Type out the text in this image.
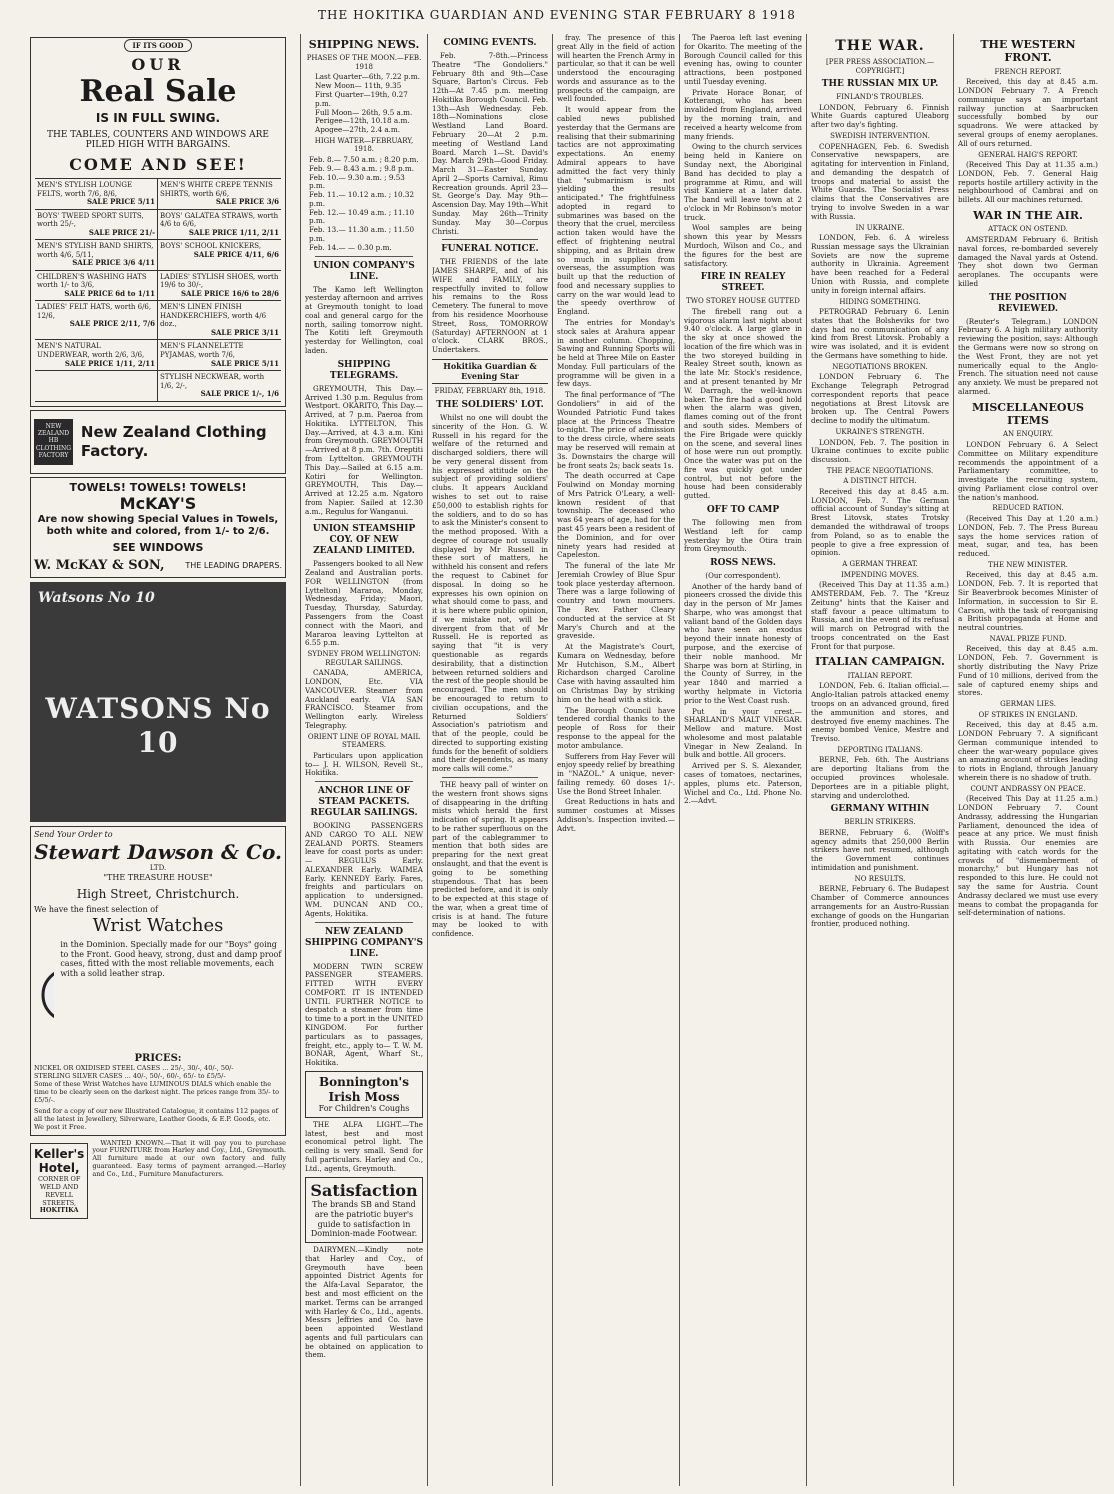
THE HOKITIKA GUARDIAN AND EVENING STAR FEBRUARY 8 1918
IF ITS GOOD
OUR
Real Sale
IS IN FULL SWING.
THE TABLES, COUNTERS AND WINDOWS ARE PILED HIGH WITH BARGAINS.
COME AND SEE!
MEN'S STYLISH LOUNGE FELTS, worth 7/6, 8/6,
SALE PRICE 5/11
MEN'S WHITE CREPE TENNIS SHIRTS, worth 6/6,
SALE PRICE 3/6
BOYS' TWEED SPORT SUITS, worth 25/-,
SALE PRICE 21/-
BOYS' GALATEA STRAWS, worth 4/6 to 6/6,
SALE PRICE 1/11, 2/11
MEN'S STYLISH BAND SHIRTS, worth 4/6, 5/11,
SALE PRICE 3/6 4/11
BOYS' SCHOOL KNICKERS,
SALE PRICE 4/11, 6/6
CHILDREN'S WASHING HATS worth 1/- to 3/6,
SALE PRICE 6d to 1/11
LADIES' STYLISH SHOES, worth 19/6 to 30/-,
SALE PRICE 16/6 to 28/6
LADIES' FELT HATS, worth 6/6, 12/6,
SALE PRICE 2/11, 7/6
MEN'S LINEN FINISH HANDKERCHIEFS, worth 4/6 doz.,
SALE PRICE 3/11
MEN'S NATURAL UNDERWEAR, worth 2/6, 3/6,
SALE PRICE 1/11, 2/11
MEN'S FLANNELETTE PYJAMAS, worth 7/6,
SALE PRICE 5/11
STYLISH NECKWEAR, worth 1/6, 2/-,
SALE PRICE 1/-, 1/6
NEW ZEALAND HB CLOTHING FACTORY
New Zealand Clothing Factory.
TOWELS! TOWELS! TOWELS!
McKAY'S
Are now showing Special Values in Towels, both white and colored, from 1/- to 2/6.
SEE WINDOWS
W. McKAY & SON,	THE LEADING DRAPERS.
Watsons No 10
WATSONS No 10
Send Your Order to
Stewart Dawson & Co.
LTD.
"THE TREASURE HOUSE"
High Street, Christchurch.
We have the finest selection of
Wrist Watches
in the Dominion. Specially made for our "Boys" going to the Front. Good heavy, strong, dust and damp proof cases, fitted with the most reliable movements, each with a solid leather strap.
PRICES:
NICKEL OR OXIDISED STEEL CASES ... 25/-, 30/-, 40/-, 50/-
STERLING SILVER CASES ... 40/-, 50/-, 60/-, 65/- to £5/5/-
Some of these Wrist Watches have LUMINOUS DIALS which enable the time to be clearly seen on the darkest night. The prices range from 35/- to £5/5/-.
Send for a copy of our new Illustrated Catalogue, it contains 112 pages of all the latest in Jewellery, Silverware, Leather Goods, & E.P. Goods, etc. We post it Free.
Keller's Hotel,
CORNER OF WELD AND REVELL STREETS,
HOKITIKA
WANTED KNOWN.—That it will pay you to purchase your FURNITURE from Harley and Coy., Ltd., Greymouth. All furniture made at our own factory and fully guaranteed. Easy terms of payment arranged.—Harley and Co., Ltd., Furniture Manufacturers.
SHIPPING NEWS.
PHASES OF THE MOON.—FEB. 1918
Last Quarter—6th, 7.22 p.m.
New Moon— 11th, 9.35
First Quarter—19th, 0.27 p.m.
Full Moon— 26th, 9.5 a.m.
Perigee—12th, 10.18 a.m.
Apogee—27th, 2.4 a.m.
HIGH WATER—FEBRUARY, 1918.
Feb. 8.— 7.50 a.m. ; 8.20 p.m.
Feb. 9.— 8.43 a.m. ; 9.8 p.m.
Feb. 10.— 9.30 a.m. ; 9.53 p.m.
Feb. 11.— 10.12 a.m. ; 10.32 p.m.
Feb. 12.— 10.49 a.m. ; 11.10 p.m.
Feb. 13.— 11.30 a.m. ; 11.50 p.m.
Feb. 14.— — 0.30 p.m.
UNION COMPANY'S LINE.
The Kamo left Wellington yesterday afternoon and arrives at Greymouth tonight to load coal and general cargo for the north, sailing tomorrow night. The Kotiti left Greymouth yesterday for Wellington, coal laden.
SHIPPING TELEGRAMS.
GREYMOUTH, This Day.—Arrived 1.30 p.m. Regulus from Westport. OKARITO, This Day.—Arrived, at 7 p.m. Paeroa from Hokitika. LYTTELTON, This Day.—Arrived, at 4.3 a.m. Kini from Greymouth. GREYMOUTH—Arrived at 8 p.m. 7th. Oreptiti from Lyttelton. GREYMOUTH This Day.—Sailed at 6.15 a.m. Kotiri for Wellington. GREYMOUTH, This Day.—Arrived at 12.25 a.m. Ngatoro from Napier. Sailed at 12.30 a.m., Regulus for Wanganui.
UNION STEAMSHIP COY. OF NEW ZEALAND LIMITED.
Passengers booked to all New Zealand and Australian ports. FOR WELLINGTON (from Lyttelton) Mararoa, Monday, Wednesday, Friday; Maori, Tuesday, Thursday, Saturday. Passengers from the Coast connect with the Maori, and Mararoa leaving Lyttelton at 6.55 p.m.
SYDNEY FROM WELLINGTON: REGULAR SAILINGS.
CANADA, AMERICA, LONDON, Etc. VIA VANCOUVER. Steamer from Auckland early. VIA SAN FRANCISCO. Steamer from Wellington early. Wireless Telegraphy.
ORIENT LINE OF ROYAL MAIL STEAMERS.
Particulars upon application to— J. H. WILSON, Revell St., Hokitika.
ANCHOR LINE OF STEAM PACKETS. REGULAR SAILINGS.
BOOKING PASSENGERS AND CARGO TO ALL NEW ZEALAND PORTS. Steamers leave for coast ports as under:— REGULUS Early. ALEXANDER Early. WAIMEA Early. KENNEDY Early. Fares, freights and particulars on application to undersigned. WM. DUNCAN AND CO., Agents, Hokitika.
NEW ZEALAND SHIPPING COMPANY'S LINE.
MODERN TWIN SCREW PASSENGER STEAMERS. FITTED WITH EVERY COMFORT. IT IS INTENDED UNTIL FURTHER NOTICE to despatch a steamer from time to time to a port in the UNITED KINGDOM. For further particulars as to passages, freight, etc., apply to— T. W. M. BONAR, Agent, Wharf St., Hokitika.
Bonnington's Irish Moss
For Children's Coughs
THE ALFA LIGHT.—The latest, best and most economical petrol light. The ceiling is very small. Send for full particulars. Harley and Co., Ltd., agents, Greymouth.
Satisfaction
The brands SB and Stand are the patriotic buyer's guide to satisfaction in Dominion-made Footwear.
DAIRYMEN.—Kindly note that Harley and Coy., of Greymouth have been appointed District Agents for the Alfa-Laval Separator, the best and most efficient on the market. Terms can be arranged with Harley & Co., Ltd., agents. Messrs Jeffries and Co. have been appointed Westland agents and full particulars can be obtained on application to them.
COMING EVENTS.
Feb. 7-8th.—Princess Theatre "The Gondoliers." February 8th and 9th—Case Square, Barton's Circus. Feb 12th—At 7.45 p.m. meeting Hokitika Borough Council. Feb. 13th—Ash Wednesday. Feb. 18th—Nominations close Westland Land Board. February 20—At 2 p.m. meeting of Westland Land Board. March 1—St. David's Day. March 29th—Good Friday. March 31—Easter Sunday. April 2—Sports Carnival, Rimu Recreation grounds. April 23—St. George's Day. May 9th—Ascension Day. May 19th—Whit Sunday. May 26th—Trinity Sunday. May 30—Corpus Christi.
FUNERAL NOTICE.
THE FRIENDS of the late JAMES SHARPE, and of his WIFE and FAMILY, are respectfully invited to follow his remains to the Ross Cemetery. The funeral to move from his residence Moorhouse Street, Ross, TOMORROW (Saturday) AFTERNOON at 1 o'clock. CLARK BROS., Undertakers.
Hokitika Guardian & Evening Star
FRIDAY, FEBRUARY 8th, 1918.
THE SOLDIERS' LOT.
Whilst no one will doubt the sincerity of the Hon. G. W. Russell in his regard for the welfare of the returned and discharged soldiers, there will be very general dissent from his expressed attitude on the subject of providing soldiers' clubs. It appears Auckland wishes to set out to raise £50,000 to establish rights for the soldiers, and to do so has to ask the Minister's consent to the method proposed. With a degree of courage not usually displayed by Mr Russell in these sort of matters, he withheld his consent and refers the request to Cabinet for disposal. In doing so he expresses his own opinion on what should come to pass, and it is here where public opinion, if we mistake not, will be divergent from that of Mr Russell. He is reported as saying that "it is very questionable as regards desirability, that a distinction between returned soldiers and the rest of the people should be encouraged. The men should be encouraged to return to civilian occupations, and the Returned Soldiers' Association's patriotism and that of the people, could be directed to supporting existing funds for the benefit of soldiers and their dependents, as many more calls will come."
THE heavy pall of winter on the western front shows signs of disappearing in the drifting mists which herald the first indication of spring. It appears to be rather superfluous on the part of the cablegrammer to mention that both sides are preparing for the next great onslaught, and that the event is going to be something stupendous. That has been predicted before, and it is only to be expected at this stage of the war, when a great time of crisis is at hand. The future may be looked to with confidence.
fray. The presence of this great Ally in the field of action will hearten the French Army in particular, so that it can be well understood the encouraging words and assurance as to the prospects of the campaign, are well founded.
It would appear from the cabled news published yesterday that the Germans are realising that their submarining tactics are not approximating expectations. An enemy Admiral appears to have admitted the fact very thinly that "submarinism is not yielding the results anticipated." The frightfulness adopted in regard to submarines was based on the theory that the cruel, merciless action taken would have the effect of frightening neutral shipping, and as Britain drew so much in supplies from overseas, the assumption was built up that the reduction of food and necessary supplies to carry on the war would lead to the speedy overthrow of England.
The entries for Monday's stock sales at Arahura appear in another column. Chopping, Sawing and Running Sports will be held at Three Mile on Easter Monday. Full particulars of the programme will be given in a few days.
The final performance of "The Gondoliers" in aid of the Wounded Patriotic Fund takes place at the Princess Theatre to-night. The price of admission to the dress circle, where seats may be reserved will remain at 3s. Downstairs the charge will be front seats 2s; back seats 1s.
The death occurred at Cape Foulwind on Monday morning of Mrs Patrick O'Leary, a well-known resident of that township. The deceased who was 64 years of age, had for the past 45 years been a resident of the Dominion, and for over ninety years had resided at Capeleston.
The funeral of the late Mr Jeremiah Crowley of Blue Spur took place yesterday afternoon. There was a large following of country and town mourners. The Rev. Father Cleary conducted at the service at St Mary's Church and at the graveside.
At the Magistrate's Court, Kumara on Wednesday, before Mr Hutchison, S.M., Albert Richardson charged Caroline Case with having assaulted him on Christmas Day by striking him on the head with a stick.
The Borough Council have tendered cordial thanks to the people of Ross for their response to the appeal for the motor ambulance.
Sufferers from Hay Fever will enjoy speedy relief by breathing in "NAZOL." A unique, never-failing remedy. 60 doses 1/-. Use the Bond Street Inhaler.
Great Reductions in hats and summer costumes at Misses Addison's. Inspection invited.—Advt.
The Paeroa left last evening for Okarito. The meeting of the Borough Council called for this evening has, owing to counter attractions, been postponed until Tuesday evening.
Private Horace Bonar, of Kotterangi, who has been invalided from England, arrived by the morning train, and received a hearty welcome from many friends.
Owing to the church services being held in Kaniere on Sunday next, the Aboriginal Band has decided to play a programme at Rimu, and will visit Kaniere at a later date. The band will leave town at 2 o'clock in Mr Robinson's motor truck.
Wool samples are being shown this year by Messrs Murdoch, Wilson and Co., and the figures for the best are satisfactory.
FIRE IN REALEY STREET.
TWO STOREY HOUSE GUTTED
The firebell rang out a vigorous alarm last night about 9.40 o'clock. A large glare in the sky at once showed the location of the fire which was in the two storeyed building in Realey Street south, known as the late Mr. Stock's residence, and at present tenanted by Mr W. Darragh, the well-known baker. The fire had a good hold when the alarm was given, flames coming out of the front and south sides. Members of the Fire Brigade were quickly on the scene, and several lines of hose were run out promptly. Once the water was put on the fire was quickly got under control, but not before the house had been considerably gutted.
OFF TO CAMP
The following men from Westland left for camp yesterday by the Otira train from Greymouth.
ROSS NEWS.
(Our correspondent).
Another of the hardy band of pioneers crossed the divide this day in the person of Mr James Sharpe, who was amongst that valiant band of the Golden days who have seen an exodus beyond their innate honesty of purpose, and the exercise of their noble manhood. Mr Sharpe was born at Stirling, in the County of Surrey, in the year 1840 and married a worthy helpmate in Victoria prior to the West Coast rush.
Put in your crest.—SHARLAND'S MALT VINEGAR. Mellow and mature. Most wholesome and most palatable Vinegar in New Zealand. In bulk and bottle. All grocers.
Arrived per S. S. Alexander, cases of tomatoes, nectarines, apples, plums etc. Paterson, Wichel and Co., Ltd. Phone No. 2.—Advt.
THE WAR.
[PER PRESS ASSOCIATION.—COPYRIGHT.]
THE RUSSIAN MIX UP.
FINLAND'S TROUBLES.
LONDON, February 6. Finnish White Guards captured Uleaborg after two day's fighting.
SWEDISH INTERVENTION.
COPENHAGEN, Feb. 6. Swedish Conservative newspapers, are agitating for intervention in Finland, and demanding the despatch of troops and material to assist the White Guards. The Socialist Press claims that the Conservatives are trying to involve Sweden in a war with Russia.
IN UKRAINE.
LONDON, Feb. 6. A wireless Russian message says the Ukrainian Soviets are now the supreme authority in Ukrainia. Agreement have been reached for a Federal Union with Russia, and complete unity in foreign internal affairs.
HIDING SOMETHING.
PETROGRAD February 6. Lenin states that the Bolsheviks for two days had no communication of any kind from Brest Litovsk. Probably a wire was isolated, and it is evident the Germans have something to hide.
NEGOTIATIONS BROKEN.
LONDON February 6. The Exchange Telegraph Petrograd correspondent reports that peace negotiations at Brest Litovsk are broken up. The Central Powers decline to modify the ultimatum.
UKRAINE'S STRENGTH.
LONDON, Feb. 7. The position in Ukraine continues to excite public discussion.
THE PEACE NEGOTIATIONS.
A DISTINCT HITCH.
Received this day at 8.45 a.m. LONDON, Feb. 7. The German official account of Sunday's sitting at Brest Litovsk, states Trotsky demanded the withdrawal of troops from Poland, so as to enable the people to give a free expression of opinion.
A GERMAN THREAT.
IMPENDING MOVES.
(Received This Day at 11.35 a.m.) AMSTERDAM, Feb. 7. The "Kreuz Zeitung" hints that the Kaiser and staff favour a peace ultimatum to Russia, and in the event of its refusal will march on Petrograd with the troops concentrated on the East Front for that purpose.
ITALIAN CAMPAIGN.
ITALIAN REPORT.
LONDON, Feb. 6. Italian official.—Anglo-Italian patrols attacked enemy troops on an advanced ground, fired the ammunition and stores, and destroyed five enemy machines. The enemy bombed Venice, Mestre and Treviso.
DEPORTING ITALIANS.
BERNE, Feb. 6th. The Austrians are deporting Italians from the occupied provinces wholesale. Deportees are in a pitiable plight, starving and underclothed.
GERMANY WITHIN
BERLIN STRIKERS.
BERNE, February 6. (Wolff's agency admits that 250,000 Berlin strikers have not resumed, although the Government continues intimidation and punishment.
NO RESULTS.
BERNE, February 6. The Budapest Chamber of Commerce announces arrangements for an Austro-Russian exchange of goods on the Hungarian frontier, produced nothing.
THE WESTERN FRONT.
FRENCH REPORT.
Received, this day at 8.45 a.m. LONDON February 7. A French communique says an important railway junction at Saarbrucken successfully bombed by our squadrons. We were attacked by several groups of enemy aeroplanes. All of ours returned.
GENERAL HAIG'S REPORT.
(Received This Day at 11.35 a.m.) LONDON, Feb. 7. General Haig reports hostile artillery activity in the neighbourhood of Cambrai and on billets. All our machines returned.
WAR IN THE AIR.
ATTACK ON OSTEND.
AMSTERDAM February 6. British naval forces, re-bombarded severely damaged the Naval yards at Ostend. They shot down two German aeroplanes. The occupants were killed
THE POSITION REVIEWED.
(Reuter's Telegram.) LONDON February 6. A high military authority reviewing the position, says: Although the Germans were now so strong on the West Front, they are not yet numerically equal to the Anglo-French. The situation need not cause any anxiety. We must be prepared not alarmed.
MISCELLANEOUS ITEMS
AN ENQUIRY.
LONDON February 6. A Select Committee on Military expenditure recommends the appointment of a Parliamentary committee, to investigate the recruiting system, giving Parliament close control over the nation's manhood.
REDUCED RATION.
(Received This Day at 1.20 a.m.) LONDON, Feb. 7. The Press Bureau says the home services ration of meat, sugar, and tea, has been reduced.
THE NEW MINISTER.
Received, this day at 8.45 a.m. LONDON, Feb. 7. It is reported that Sir Beaverbrook becomes Minister of Information, in succession to Sir E. Carson, with the task of reorganising a British propaganda at Home and neutral countries.
NAVAL PRIZE FUND.
Received, this day at 8.45 a.m. LONDON, Feb. 7. Government is shortly distributing the Navy Prize Fund of 10 millions, derived from the sale of captured enemy ships and stores.
GERMAN LIES.
OF STRIKES IN ENGLAND.
Received, this day at 8.45 a.m. LONDON February 7. A significant German communique intended to cheer the war-weary populace gives an amazing account of strikes leading to riots in England, through January wherein there is no shadow of truth.
COUNT ANDRASSY ON PEACE.
(Received This Day at 11.25 a.m.) LONDON February 7. Count Andrassy, addressing the Hungarian Parliament, denounced the idea of peace at any price. We must finish with Russia. Our enemies are agitating with catch words for the crowds of "dismemberment of monarchy," but Hungary has not responded to this lure. He could not say the same for Austria. Count Andrassy declared we must use every means to combat the propaganda for self-determination of nations.
